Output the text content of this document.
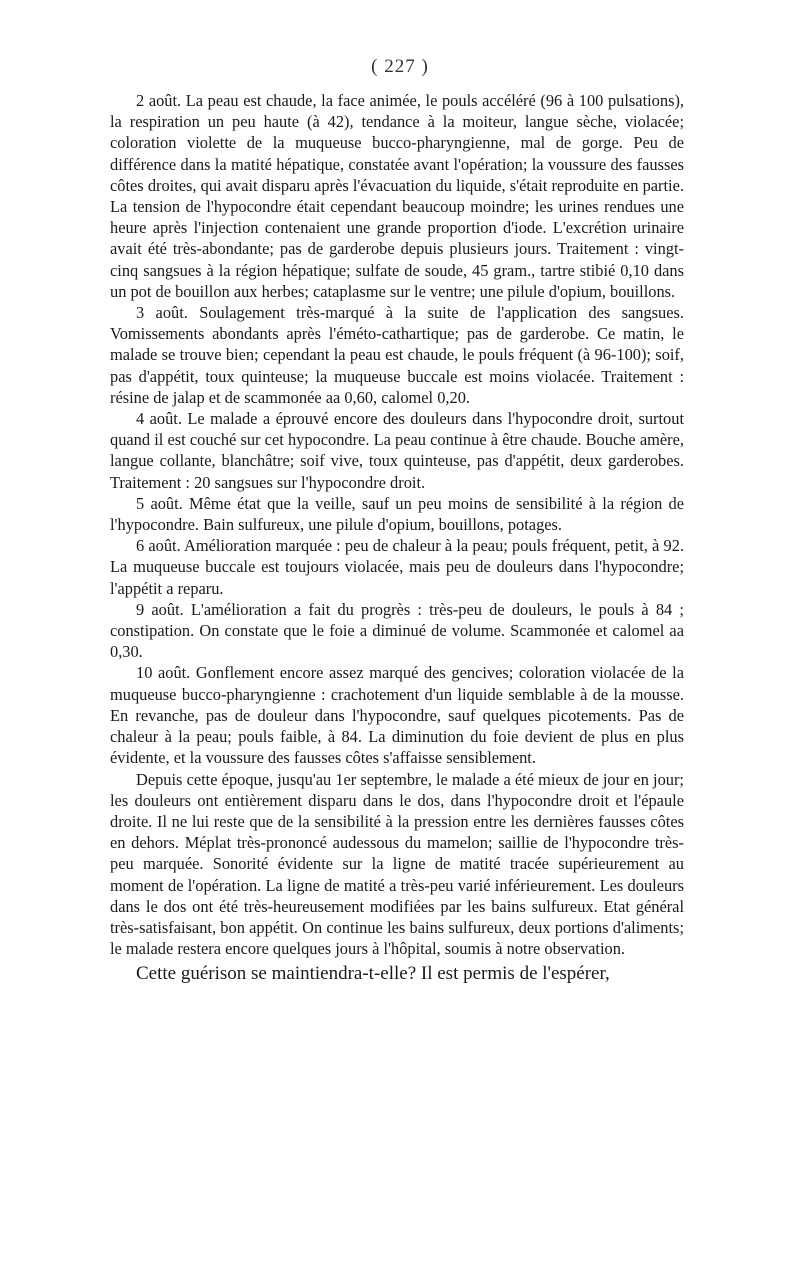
( 227 )

2 août. La peau est chaude, la face animée, le pouls accéléré (96 à 100 pulsations), la respiration un peu haute (à 42), tendance à la moiteur, langue sèche, violacée; coloration violette de la muqueuse bucco-pharyngienne, mal de gorge. Peu de différence dans la matité hépatique, constatée avant l'opération; la voussure des fausses côtes droites, qui avait disparu après l'évacuation du liquide, s'était reproduite en partie. La tension de l'hypocondre était cependant beaucoup moindre; les urines rendues une heure après l'injection contenaient une grande proportion d'iode. L'excrétion urinaire avait été très-abondante; pas de garderobe depuis plusieurs jours. Traitement : vingt-cinq sangsues à la région hépatique; sulfate de soude, 45 gram., tartre stibié 0,10 dans un pot de bouillon aux herbes; cataplasme sur le ventre; une pilule d'opium, bouillons.

3 août. Soulagement très-marqué à la suite de l'application des sangsues. Vomissements abondants après l'éméto-cathartique; pas de garderobe. Ce matin, le malade se trouve bien; cependant la peau est chaude, le pouls fréquent (à 96-100); soif, pas d'appétit, toux quinteuse; la muqueuse buccale est moins violacée. Traitement : résine de jalap et de scammonée aa 0,60, calomel 0,20.

4 août. Le malade a éprouvé encore des douleurs dans l'hypocondre droit, surtout quand il est couché sur cet hypocondre. La peau continue à être chaude. Bouche amère, langue collante, blanchâtre; soif vive, toux quinteuse, pas d'appétit, deux garderobes. Traitement : 20 sangsues sur l'hypocondre droit.

5 août. Même état que la veille, sauf un peu moins de sensibilité à la région de l'hypocondre. Bain sulfureux, une pilule d'opium, bouillons, potages.

6 août. Amélioration marquée : peu de chaleur à la peau; pouls fréquent, petit, à 92. La muqueuse buccale est toujours violacée, mais peu de douleurs dans l'hypocondre; l'appétit a reparu.

9 août. L'amélioration a fait du progrès : très-peu de douleurs, le pouls à 84 ; constipation. On constate que le foie a diminué de volume. Scammonée et calomel aa 0,30.

10 août. Gonflement encore assez marqué des gencives; coloration violacée de la muqueuse bucco-pharyngienne : crachotement d'un liquide semblable à de la mousse. En revanche, pas de douleur dans l'hypocondre, sauf quelques picotements. Pas de chaleur à la peau; pouls faible, à 84. La diminution du foie devient de plus en plus évidente, et la voussure des fausses côtes s'affaisse sensiblement.

Depuis cette époque, jusqu'au 1er septembre, le malade a été mieux de jour en jour; les douleurs ont entièrement disparu dans le dos, dans l'hypocondre droit et l'épaule droite. Il ne lui reste que de la sensibilité à la pression entre les dernières fausses côtes en dehors. Méplat très-prononcé audessous du mamelon; saillie de l'hypocondre très-peu marquée. Sonorité évidente sur la ligne de matité tracée supérieurement au moment de l'opération. La ligne de matité a très-peu varié inférieurement. Les douleurs dans le dos ont été très-heureusement modifiées par les bains sulfureux. Etat général très-satisfaisant, bon appétit. On continue les bains sulfureux, deux portions d'aliments; le malade restera encore quelques jours à l'hôpital, soumis à notre observation.

Cette guérison se maintiendra-t-elle? Il est permis de l'espérer,
